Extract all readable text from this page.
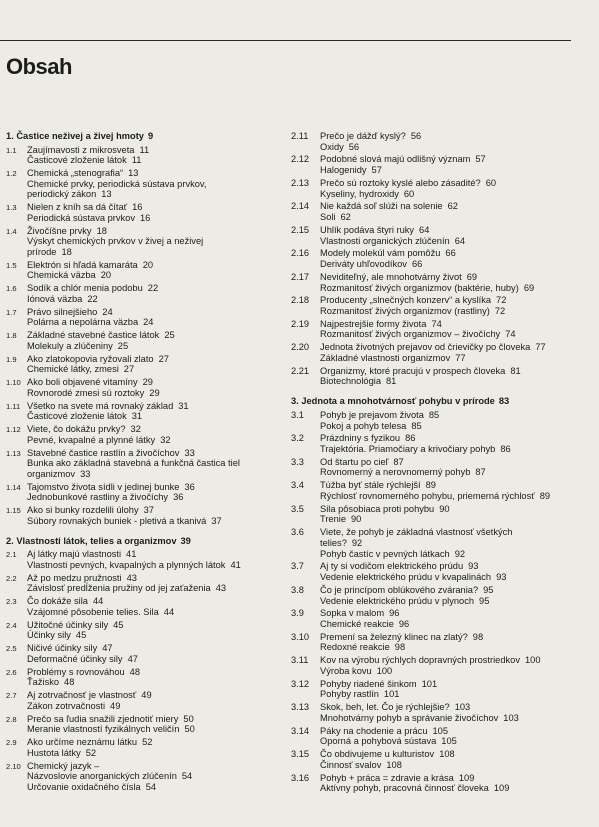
Obsah
1. Častice neživej a živej hmoty 9
1.1	Zaujímavosti z mikrosveta 11
Časticové zloženie látok 11
1.2	Chemická „stenografia“ 13
Chemické prvky, periodická sústava prvkov,
periodický zákon 13
1.3	Nielen z kníh sa dá čítať 16
Periodická sústava prvkov 16
1.4	Živočíšne prvky 18
Výskyt chemických prvkov v živej a neživej
prírode 18
1.5	Elektrón si hľadá kamaráta 20
Chemická väzba 20
1.6	Sodík a chlór menia podobu 22
Iónová väzba 22
1.7	Právo silnejšieho 24
Polárna a nepolárna väzba 24
1.8	Základné stavebné častice látok 25
Molekuly a zlúčeniny 25
1.9	Ako zlatokopovia ryžovali zlato 27
Chemické látky, zmesi 27
1.10 Ako boli objavené vitamíny 29
Rovnorodé zmesi sú roztoky 29
1.11 Všetko na svete má rovnaký základ 31
Časticové zloženie látok 31
1.12 Viete, čo dokážu prvky? 32
Pevné, kvapalné a plynné látky 32
1.13 Stavebné častice rastlín a živočíchov 33
Bunka ako základná stavebná a funkčná častica tiel
organizmov 33
1.14 Tajomstvo života sídli v jedinej bunke 36
Jednobunkové rastliny a živočíchy 36
1.15 Ako si bunky rozdelili úlohy 37
Súbory rovnakých buniek - pletivá a tkanivá 37
2. Vlastnosti látok, telies a organizmov 39
2.1	Aj látky majú vlastnosti 41
Vlastnosti pevných, kvapalných a plynných látok 41
2.2	Až po medzu pružnosti 43
Závislosť predĺženia pružiny od jej zaťaženia 43
2.3	Čo dokáže sila 44
Vzájomné pôsobenie telies. Sila 44
2.4	Užitočné účinky sily 45
Účinky sily 45
2.5	Ničivé účinky sily 47
Deformačné účinky sily 47
2.6	Problémy s rovnováhou 48
Ťažisko 48
2.7	Aj zotrvačnosť je vlastnosť 49
Zákon zotrvačnosti 49
2.8	Prečo sa ľudia snažili zjednotiť miery 50
Meranie vlastností fyzikálnych veličín 50
2.9	Ako určíme neznámu látku 52
Hustota látky 52
2.10 Chemický jazyk –
Názvoslovie anorganických zlúčenín 54
Určovanie oxidačného čísla 54
2.11	Prečo je dážď kyslý? 56
Oxidy 56
2.12	Podobné slová majú odlišný význam 57
Halogenidy 57
2.13	Prečo sú roztoky kyslé alebo zásadité? 60
Kyseliny, hydroxidy 60
2.14	Nie každá soľ slúži na solenie 62
Soli 62
2.15	Uhlík podáva štyri ruky 64
Vlastnosti organických zlúčenín 64
2.16	Modely molekúl vám pomôžu 66
Deriváty uhľovodíkov 66
2.17	Neviditeľný, ale mnohotvárny život 69
Rozmanitosť živých organizmov (baktérie, huby) 69
2.18	Producenty „slnečných konzerv“ a kyslíka 72
Rozmanitosť živých organizmov (rastliny) 72
2.19	Najpestrejšie formy života 74
Rozmanitosť živých organizmov – živočíchy 74
2.20	Jednota životných prejavov od črievičky po človeka 77
Základné vlastnosti organizmov 77
2.21	Organizmy, ktoré pracujú v prospech človeka 81
Biotechnológia 81
3. Jednota a mnohotvárnosť pohybu v prírode 83
3.1	Pohyb je prejavom života 85
Pokoj a pohyb telesa 85
3.2	Prázdniny s fyzikou 86
Trajektória. Priamočiary a krivočiary pohyb 86
3.3	Od štartu po cieľ 87
Rovnomerný a nerovnomerný pohyb 87
3.4	Túžba byť stále rýchlejší 89
Rýchlosť rovnomerného pohybu, priemerná rýchlosť 89
3.5	Sila pôsobiaca proti pohybu 90
Trenie 90
3.6	Viete, že pohyb je základná vlastnosť všetkých
telies? 92
Pohyb častíc v pevných látkach 92
3.7	Aj ty si vodičom elektrického prúdu 93
Vedenie elektrického prúdu v kvapalinách 93
3.8	Čo je princípom oblúkového zvárania? 95
Vedenie elektrického prúdu v plynoch 95
3.9	Sopka v malom 96
Chemické reakcie 96
3.10	Premení sa železný klinec na zlatý? 98
Redoxné reakcie 98
3.11	Kov na výrobu rýchlych dopravných prostriedkov 100
Výroba kovu 100
3.12	Pohyby riadené šinkom 101
Pohyby rastlín 101
3.13	Skok, beh, let. Čo je rýchlejšie? 103
Mnohotvárny pohyb a správanie živočíchov 103
3.14	Páky na chodenie a prácu 105
Oporná a pohybová sústava 105
3.15	Čo obdivujeme u kulturistov 108
Činnosť svalov 108
3.16	Pohyb + práca = zdravie a krása 109
Aktívny pohyb, pracovná činnosť človeka 109
